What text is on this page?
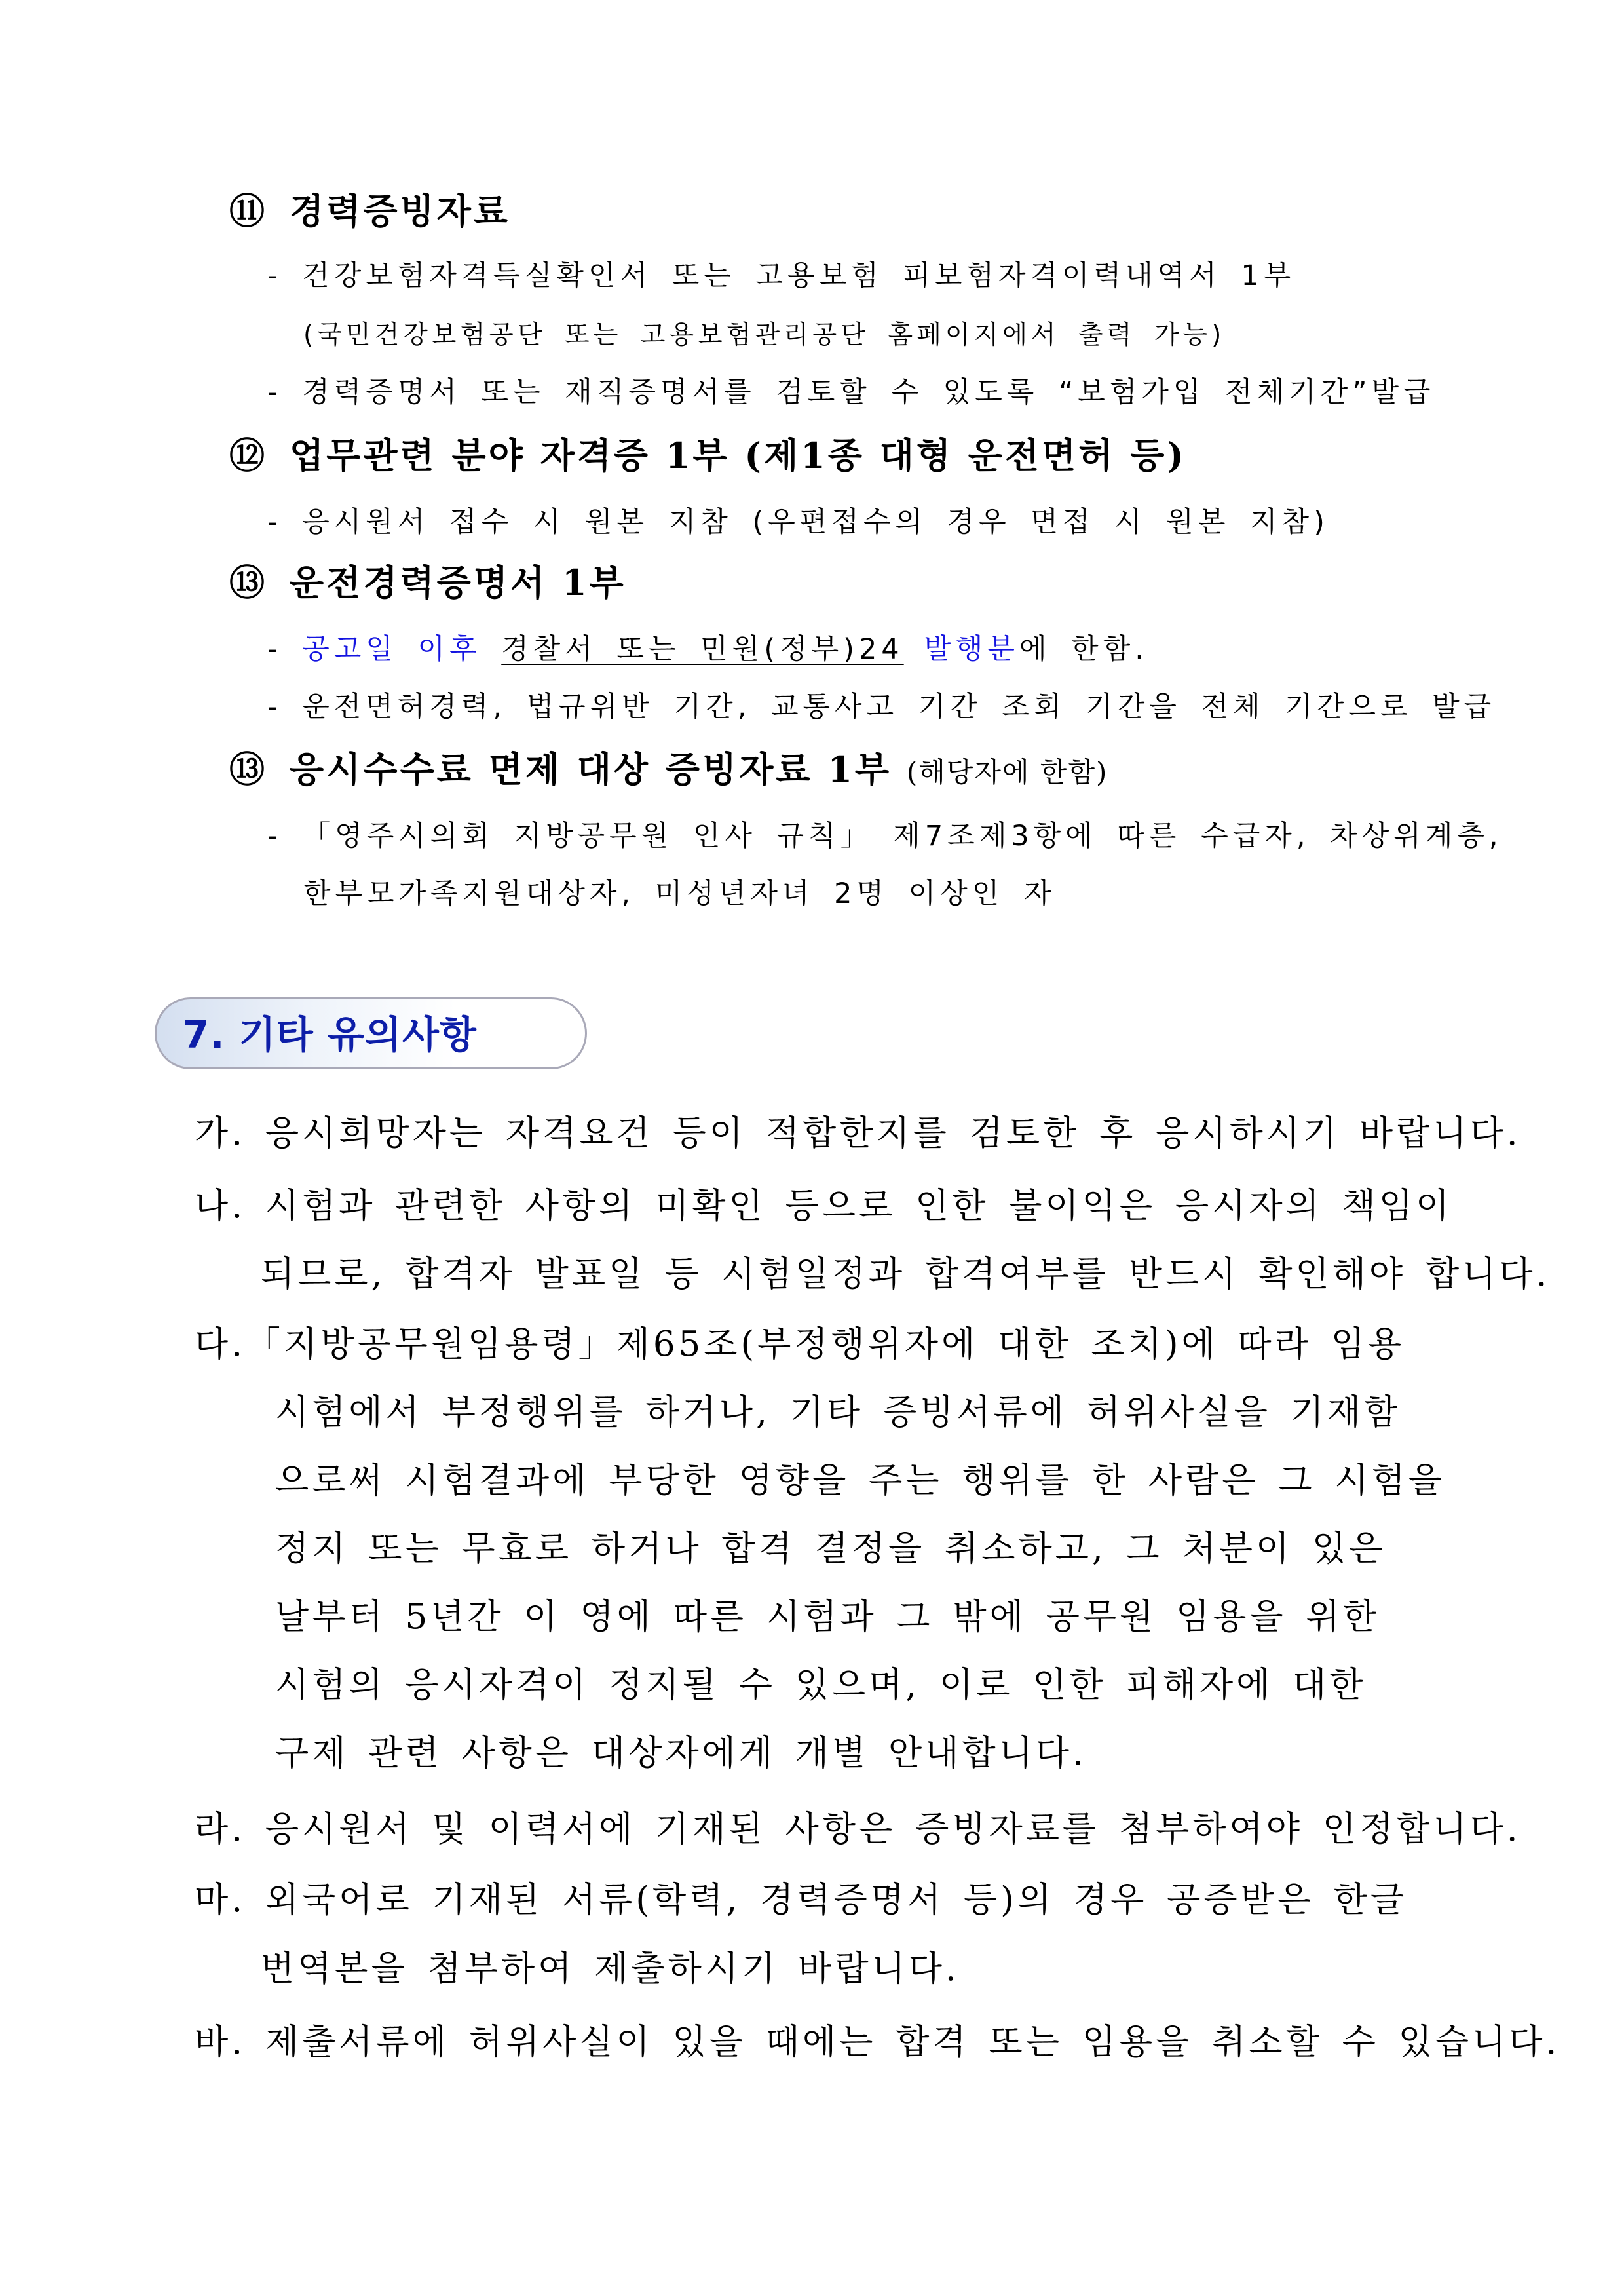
⑪ 경력증빙자료
- 건강보험자격득실확인서 또는 고용보험 피보험자격이력내역서 1부
(국민건강보험공단 또는 고용보험관리공단 홈페이지에서 출력 가능)
- 경력증명서 또는 재직증명서를 검토할 수 있도록 “보험가입 전체기간”발급
⑫ 업무관련 분야 자격증 1부 (제1종 대형 운전면허 등)
- 응시원서 접수 시 원본 지참 (우편접수의 경우 면접 시 원본 지참)
⑬ 운전경력증명서 1부
- 공고일 이후 경찰서 또는 민원(정부)24 발행분에 한함.
- 운전면허경력, 법규위반 기간, 교통사고 기간 조회 기간을 전체 기간으로 발급
⑬ 응시수수료 면제 대상 증빙자료 1부 (해당자에 한함)
- 「영주시의회 지방공무원 인사 규칙」 제7조제3항에 따른 수급자, 차상위계층,
한부모가족지원대상자, 미성년자녀 2명 이상인 자
7. 기타 유의사항
가. 응시희망자는 자격요건 등이 적합한지를 검토한 후 응시하시기 바랍니다.
나. 시험과 관련한 사항의 미확인 등으로 인한 불이익은 응시자의 책임이
되므로, 합격자 발표일 등 시험일정과 합격여부를 반드시 확인해야 합니다.
다.「지방공무원임용령」제65조(부정행위자에 대한 조치)에 따라 임용
시험에서 부정행위를 하거나, 기타 증빙서류에 허위사실을 기재함
으로써 시험결과에 부당한 영향을 주는 행위를 한 사람은 그 시험을
정지 또는 무효로 하거나 합격 결정을 취소하고, 그 처분이 있은
날부터 5년간 이 영에 따른 시험과 그 밖에 공무원 임용을 위한
시험의 응시자격이 정지될 수 있으며, 이로 인한 피해자에 대한
구제 관련 사항은 대상자에게 개별 안내합니다.
라. 응시원서 및 이력서에 기재된 사항은 증빙자료를 첨부하여야 인정합니다.
마. 외국어로 기재된 서류(학력, 경력증명서 등)의 경우 공증받은 한글
번역본을 첨부하여 제출하시기 바랍니다.
바. 제출서류에 허위사실이 있을 때에는 합격 또는 임용을 취소할 수 있습니다.
